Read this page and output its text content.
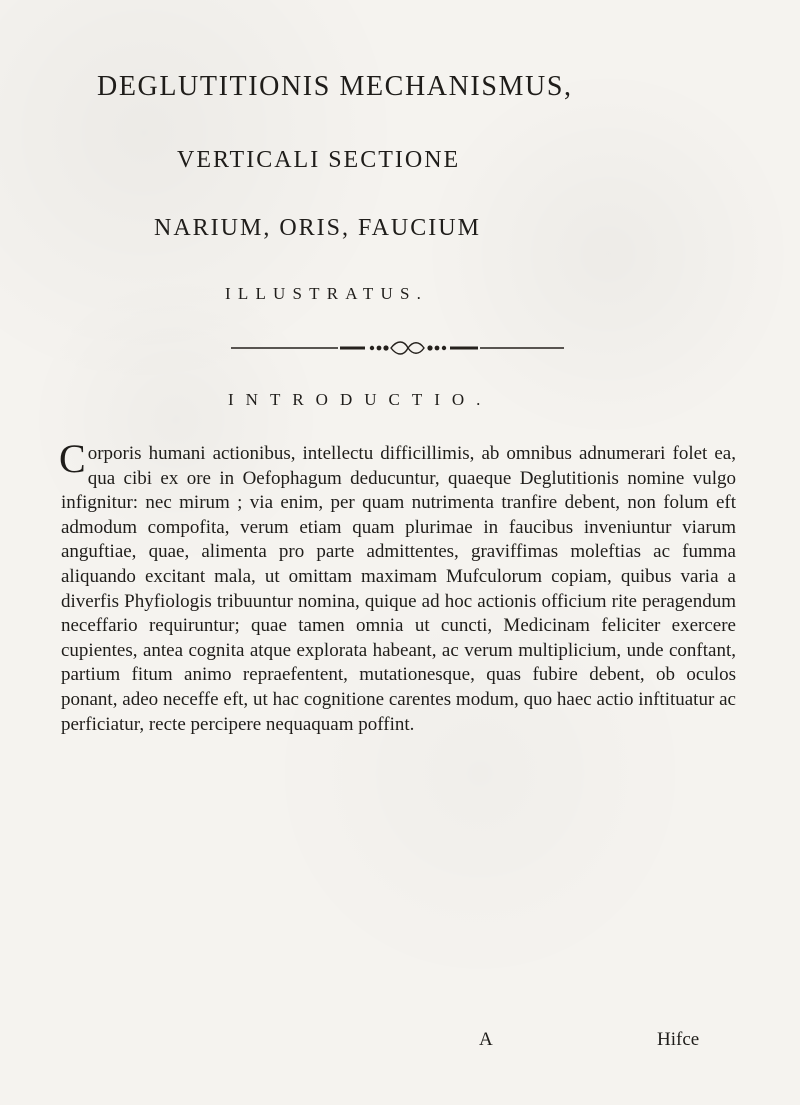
DEGLUTITIONIS MECHANISMUS,
VERTICALI SECTIONE
NARIUM, ORIS, FAUCIUM
ILLUSTRATUS.
INTRODUCTIO.
C orporis humani actionibus, intellectu difficillimis, ab omnibus adnumerari folet ea, qua cibi ex ore in Oefophagum deducuntur, quaeque Deglutitionis nomine vulgo infignitur: nec mirum ; via enim, per quam nutrimenta tranfire debent, non folum eft admodum compofita, verum etiam quam plurimae in faucibus inveniuntur viarum anguftiae, quae, alimenta pro parte admittentes, graviffimas moleftias ac fumma aliquando excitant mala, ut omittam maximam Mufculorum copiam, quibus varia a diverfis Phyfiologis tribuuntur nomina, quique ad hoc actionis officium rite peragendum neceffario requiruntur; quae tamen omnia ut cuncti, Medicinam feliciter exercere cupientes, antea cognita atque explorata habeant, ac verum multiplicium, unde conftant, partium fitum animo repraefentent, mutationesque, quas fubire debent, ob oculos ponant, adeo neceffe eft, ut hac cognitione carentes modum, quo haec actio inftituatur ac perficiatur, recte percipere nequaquam poffint.
A	Hifce
